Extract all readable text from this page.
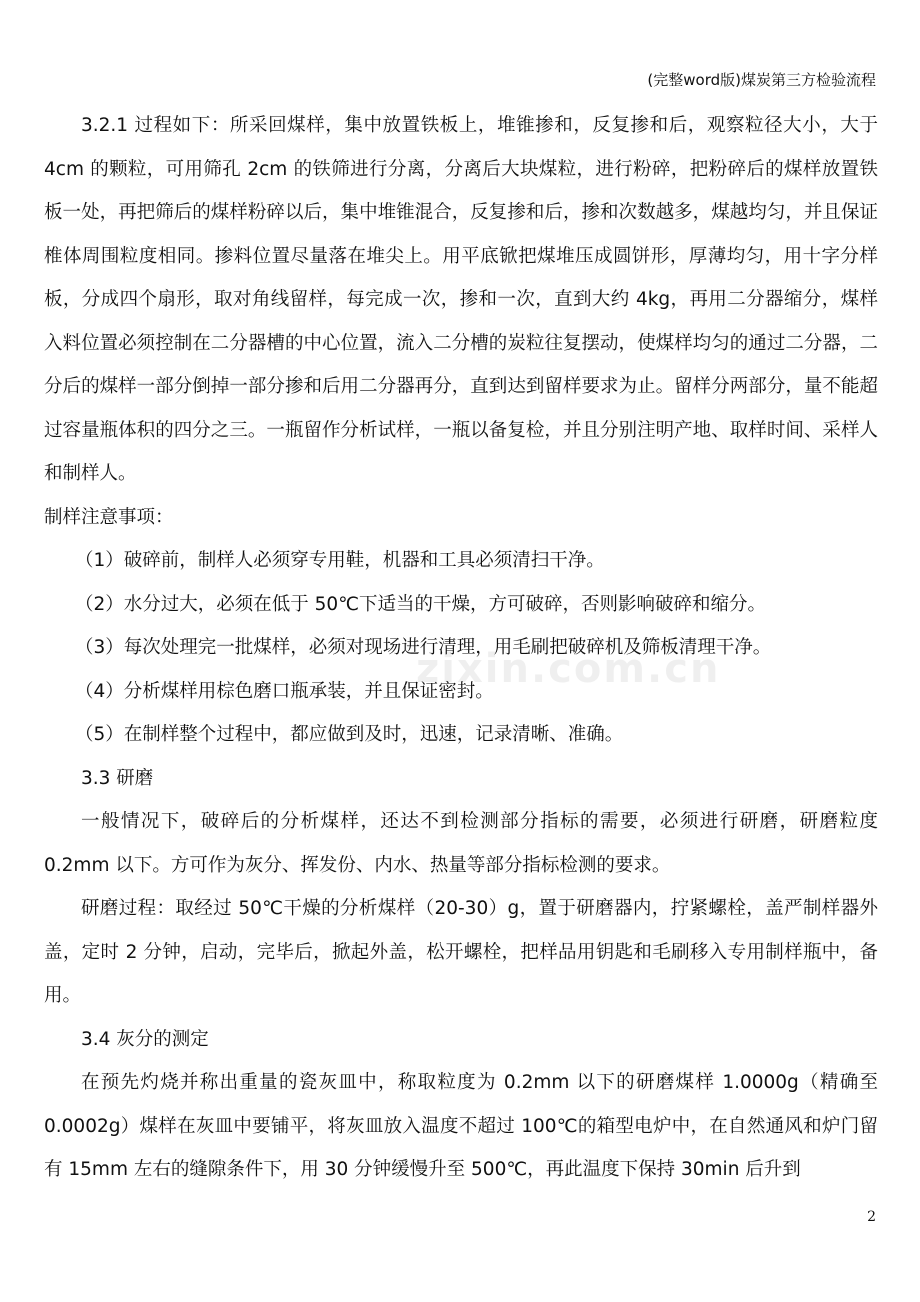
(完整word版)煤炭第三方检验流程
zixin.com.cn

3.2.1 过程如下：所采回煤样，集中放置铁板上，堆锥掺和，反复掺和后，观察粒径大小，大于 4cm 的颗粒，可用筛孔 2cm 的铁筛进行分离，分离后大块煤粒，进行粉碎，把粉碎后的煤样放置铁板一处，再把筛后的煤样粉碎以后，集中堆锥混合，反复掺和后，掺和次数越多，煤越均匀，并且保证椎体周围粒度相同。掺料位置尽量落在堆尖上。用平底锨把煤堆压成圆饼形，厚薄均匀，用十字分样板，分成四个扇形，取对角线留样，每完成一次，掺和一次，直到大约 4kg，再用二分器缩分，煤样入料位置必须控制在二分器槽的中心位置，流入二分槽的炭粒往复摆动，使煤样均匀的通过二分器，二分后的煤样一部分倒掉一部分掺和后用二分器再分，直到达到留样要求为止。留样分两部分，量不能超过容量瓶体积的四分之三。一瓶留作分析试样，一瓶以备复检，并且分别注明产地、取样时间、采样人和制样人。

制样注意事项：

（1）破碎前，制样人必须穿专用鞋，机器和工具必须清扫干净。

（2）水分过大，必须在低于 50℃下适当的干燥，方可破碎，否则影响破碎和缩分。

（3）每次处理完一批煤样，必须对现场进行清理，用毛刷把破碎机及筛板清理干净。

（4）分析煤样用棕色磨口瓶承装，并且保证密封。

（5）在制样整个过程中，都应做到及时，迅速，记录清晰、准确。

3.3 研磨

一般情况下，破碎后的分析煤样，还达不到检测部分指标的需要，必须进行研磨，研磨粒度 0.2mm 以下。方可作为灰分、挥发份、内水、热量等部分指标检测的要求。

研磨过程：取经过 50℃干燥的分析煤样（20-30）g，置于研磨器内，拧紧螺栓，盖严制样器外盖，定时 2 分钟，启动，完毕后，掀起外盖，松开螺栓，把样品用钥匙和毛刷移入专用制样瓶中，备用。

3.4 灰分的测定

在预先灼烧并称出重量的瓷灰皿中，称取粒度为 0.2mm 以下的研磨煤样 1.0000g（精确至 0.0002g）煤样在灰皿中要铺平，将灰皿放入温度不超过 100℃的箱型电炉中，在自然通风和炉门留有 15mm 左右的缝隙条件下，用 30 分钟缓慢升至 500℃，再此温度下保持 30min 后升到

2
